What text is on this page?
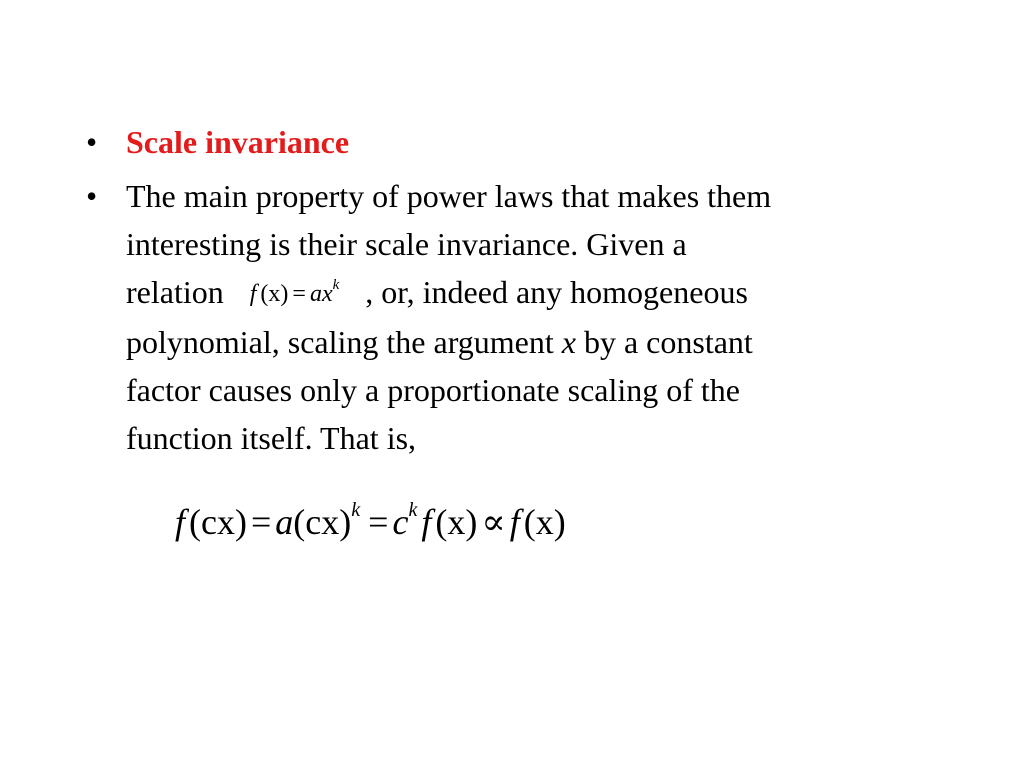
• Scale invariance
• The main property of power laws that makes them
interesting is their scale invariance. Given a
relation f $(x) = ax^k$ , or, indeed any homogeneous
polynomial, scaling the argument x by a constant
factor causes only a proportionate scaling of the
function itself. That is,
f $(cx) = a(cx)^k = c^k$ f (x) ∝ f (x)
